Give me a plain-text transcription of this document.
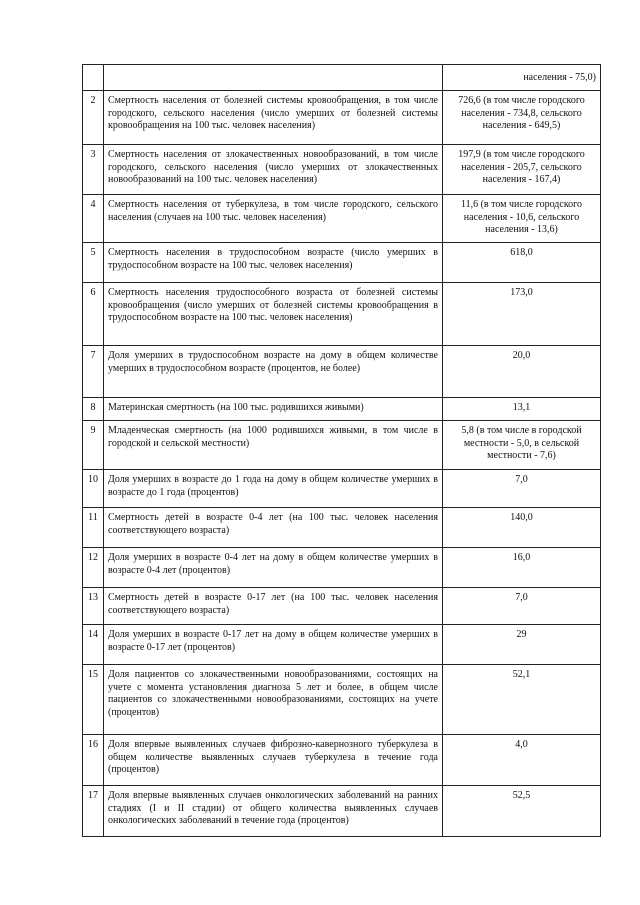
		населения - 75,0)
2	Смертность населения от болезней системы кровообращения, в том числе городского, сельского населения (число умерших от болезней системы кровообращения на 100 тыс. человек населения)	726,6 (в том числе городского населения - 734,8, сельского населения - 649,5)
3	Смертность населения от злокачественных новообразований, в том числе городского, сельского населения (число умерших от злокачественных новообразований на 100 тыс. человек населения)	197,9 (в том числе городского населения - 205,7, сельского населения - 167,4)
4	Смертность населения от туберкулеза, в том числе городского, сельского населения (случаев на 100 тыс. человек населения)	11,6 (в том числе городского населения - 10,6, сельского населения - 13,6)
5	Смертность населения в трудоспособном возрасте (число умерших в трудоспособном возрасте на 100 тыс. человек населения)	618,0
6	Смертность населения трудоспособного возраста от болезней системы кровообращения (число умерших от болезней системы кровообращения в трудоспособном возрасте на 100 тыс. человек населения)	173,0
7	Доля умерших в трудоспособном возрасте на дому в общем количестве умерших в трудоспособном возрасте (процентов, не более)	20,0
8	Материнская смертность (на 100 тыс. родившихся живыми)	13,1
9	Младенческая смертность (на 1000 родившихся живыми, в том числе в городской и сельской местности)	5,8 (в том числе в городской местности - 5,0, в сельской местности - 7,6)
10	Доля умерших в возрасте до 1 года на дому в общем количестве умерших в возрасте до 1 года (процентов)	7,0
11	Смертность детей в возрасте 0-4 лет (на 100 тыс. человек населения соответствующего возраста)	140,0
12	Доля умерших в возрасте 0-4 лет на дому в общем количестве умерших в возрасте 0-4 лет (процентов)	16,0
13	Смертность детей в возрасте 0-17 лет (на 100 тыс. человек населения соответствующего возраста)	7,0
14	Доля умерших в возрасте 0-17 лет на дому в общем количестве умерших в возрасте 0-17 лет (процентов)	29
15	Доля пациентов со злокачественными новообразованиями, состоящих на учете с момента установления диагноза 5 лет и более, в общем числе пациентов со злокачественными новообразованиями, состоящих на учете (процентов)	52,1
16	Доля впервые выявленных случаев фиброзно-кавернозного туберкулеза в общем количестве выявленных случаев туберкулеза в течение года (процентов)	4,0
17	Доля впервые выявленных случаев онкологических заболеваний на ранних стадиях (I и II стадии) от общего количества выявленных случаев онкологических заболеваний в течение года (процентов)	52,5
